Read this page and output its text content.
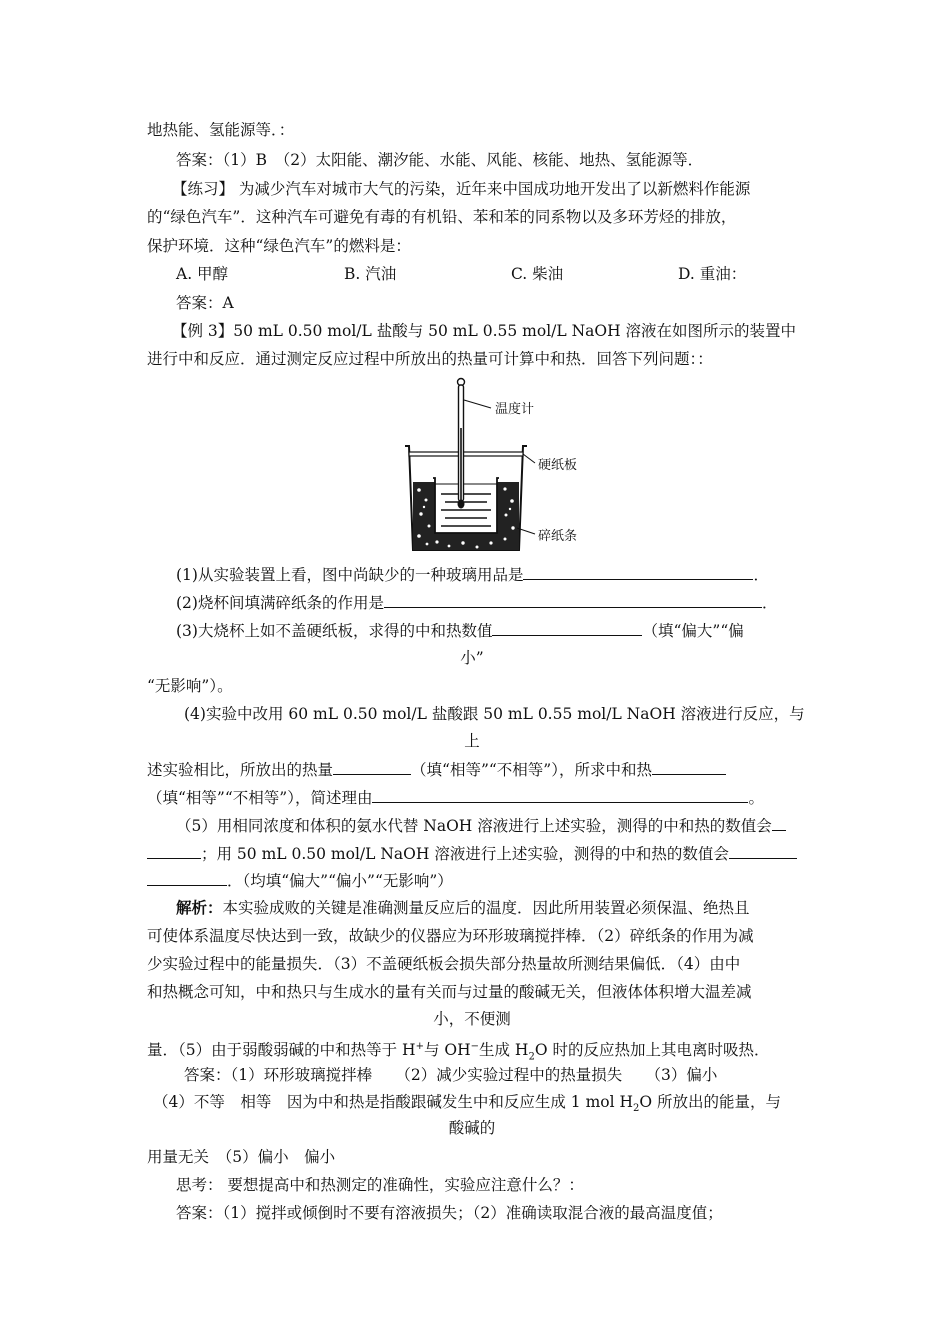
地热能、氢能源等．：
答案：（1）B　（2）太阳能、潮汐能、水能、风能、核能、地热、氢能源等．
【练习】 为减少汽车对城市大气的污染，近年来中国成功地开发出了以新燃料作能源
的“绿色汽车”．这种汽车可避免有毒的有机铅、苯和苯的同系物以及多环芳烃的排放，
保护环境．这种“绿色汽车”的燃料是：
A. 甲醇	B. 汽油	C. 柴油	D. 重油：
答案：A
【例 3】50 mL 0.50 mol/L 盐酸与 50 mL 0.55 mol/L NaOH 溶液在如图所示的装置中
进行中和反应．通过测定反应过程中所放出的热量可计算中和热．回答下列问题：：
温度计
硬纸板
碎纸条
(1)从实验装置上看，图中尚缺少的一种玻璃用品是	．
(2)烧杯间填满碎纸条的作用是	．
(3)大烧杯上如不盖硬纸板，求得的中和热数值	（填“偏大”“偏
小”
“无影响”）。
(4)实验中改用 60 mL 0.50 mol/L 盐酸跟 50 mL 0.55 mol/L NaOH 溶液进行反应，与
上
述实验相比，所放出的热量	（填“相等”“不相等”），所求中和热
（填“相等”“不相等”），简述理由	。
（5）用相同浓度和体积的氨水代替 NaOH 溶液进行上述实验，测得的中和热的数值会
；用 50 mL 0.50 mol/L NaOH 溶液进行上述实验，测得的中和热的数值会
．（均填“偏大”“偏小”“无影响”）
解析：本实验成败的关键是准确测量反应后的温度．因此所用装置必须保温、绝热且
可使体系温度尽快达到一致，故缺少的仪器应为环形玻璃搅拌棒．（2）碎纸条的作用为减
少实验过程中的能量损失．（3）不盖硬纸板会损失部分热量故所测结果偏低．（4）由中
和热概念可知，中和热只与生成水的量有关而与过量的酸碱无关，但液体体积增大温差减
小，不便测
量．（5）由于弱酸弱碱的中和热等于 H+与 OH−生成 $H_2O$ 时的反应热加上其电离时吸热．
答案：（1）环形玻璃搅拌棒　　（2）减少实验过程中的热量损失　　（3）偏小
（4）不等　相等　因为中和热是指酸跟碱发生中和反应生成 1 mol $H_2O$ 所放出的能量，与
酸碱的
用量无关　（5）偏小　偏小
思考： 要想提高中和热测定的准确性，实验应注意什么？：
答案：（1）搅拌或倾倒时不要有溶液损失；（2）准确读取混合液的最高温度值；
